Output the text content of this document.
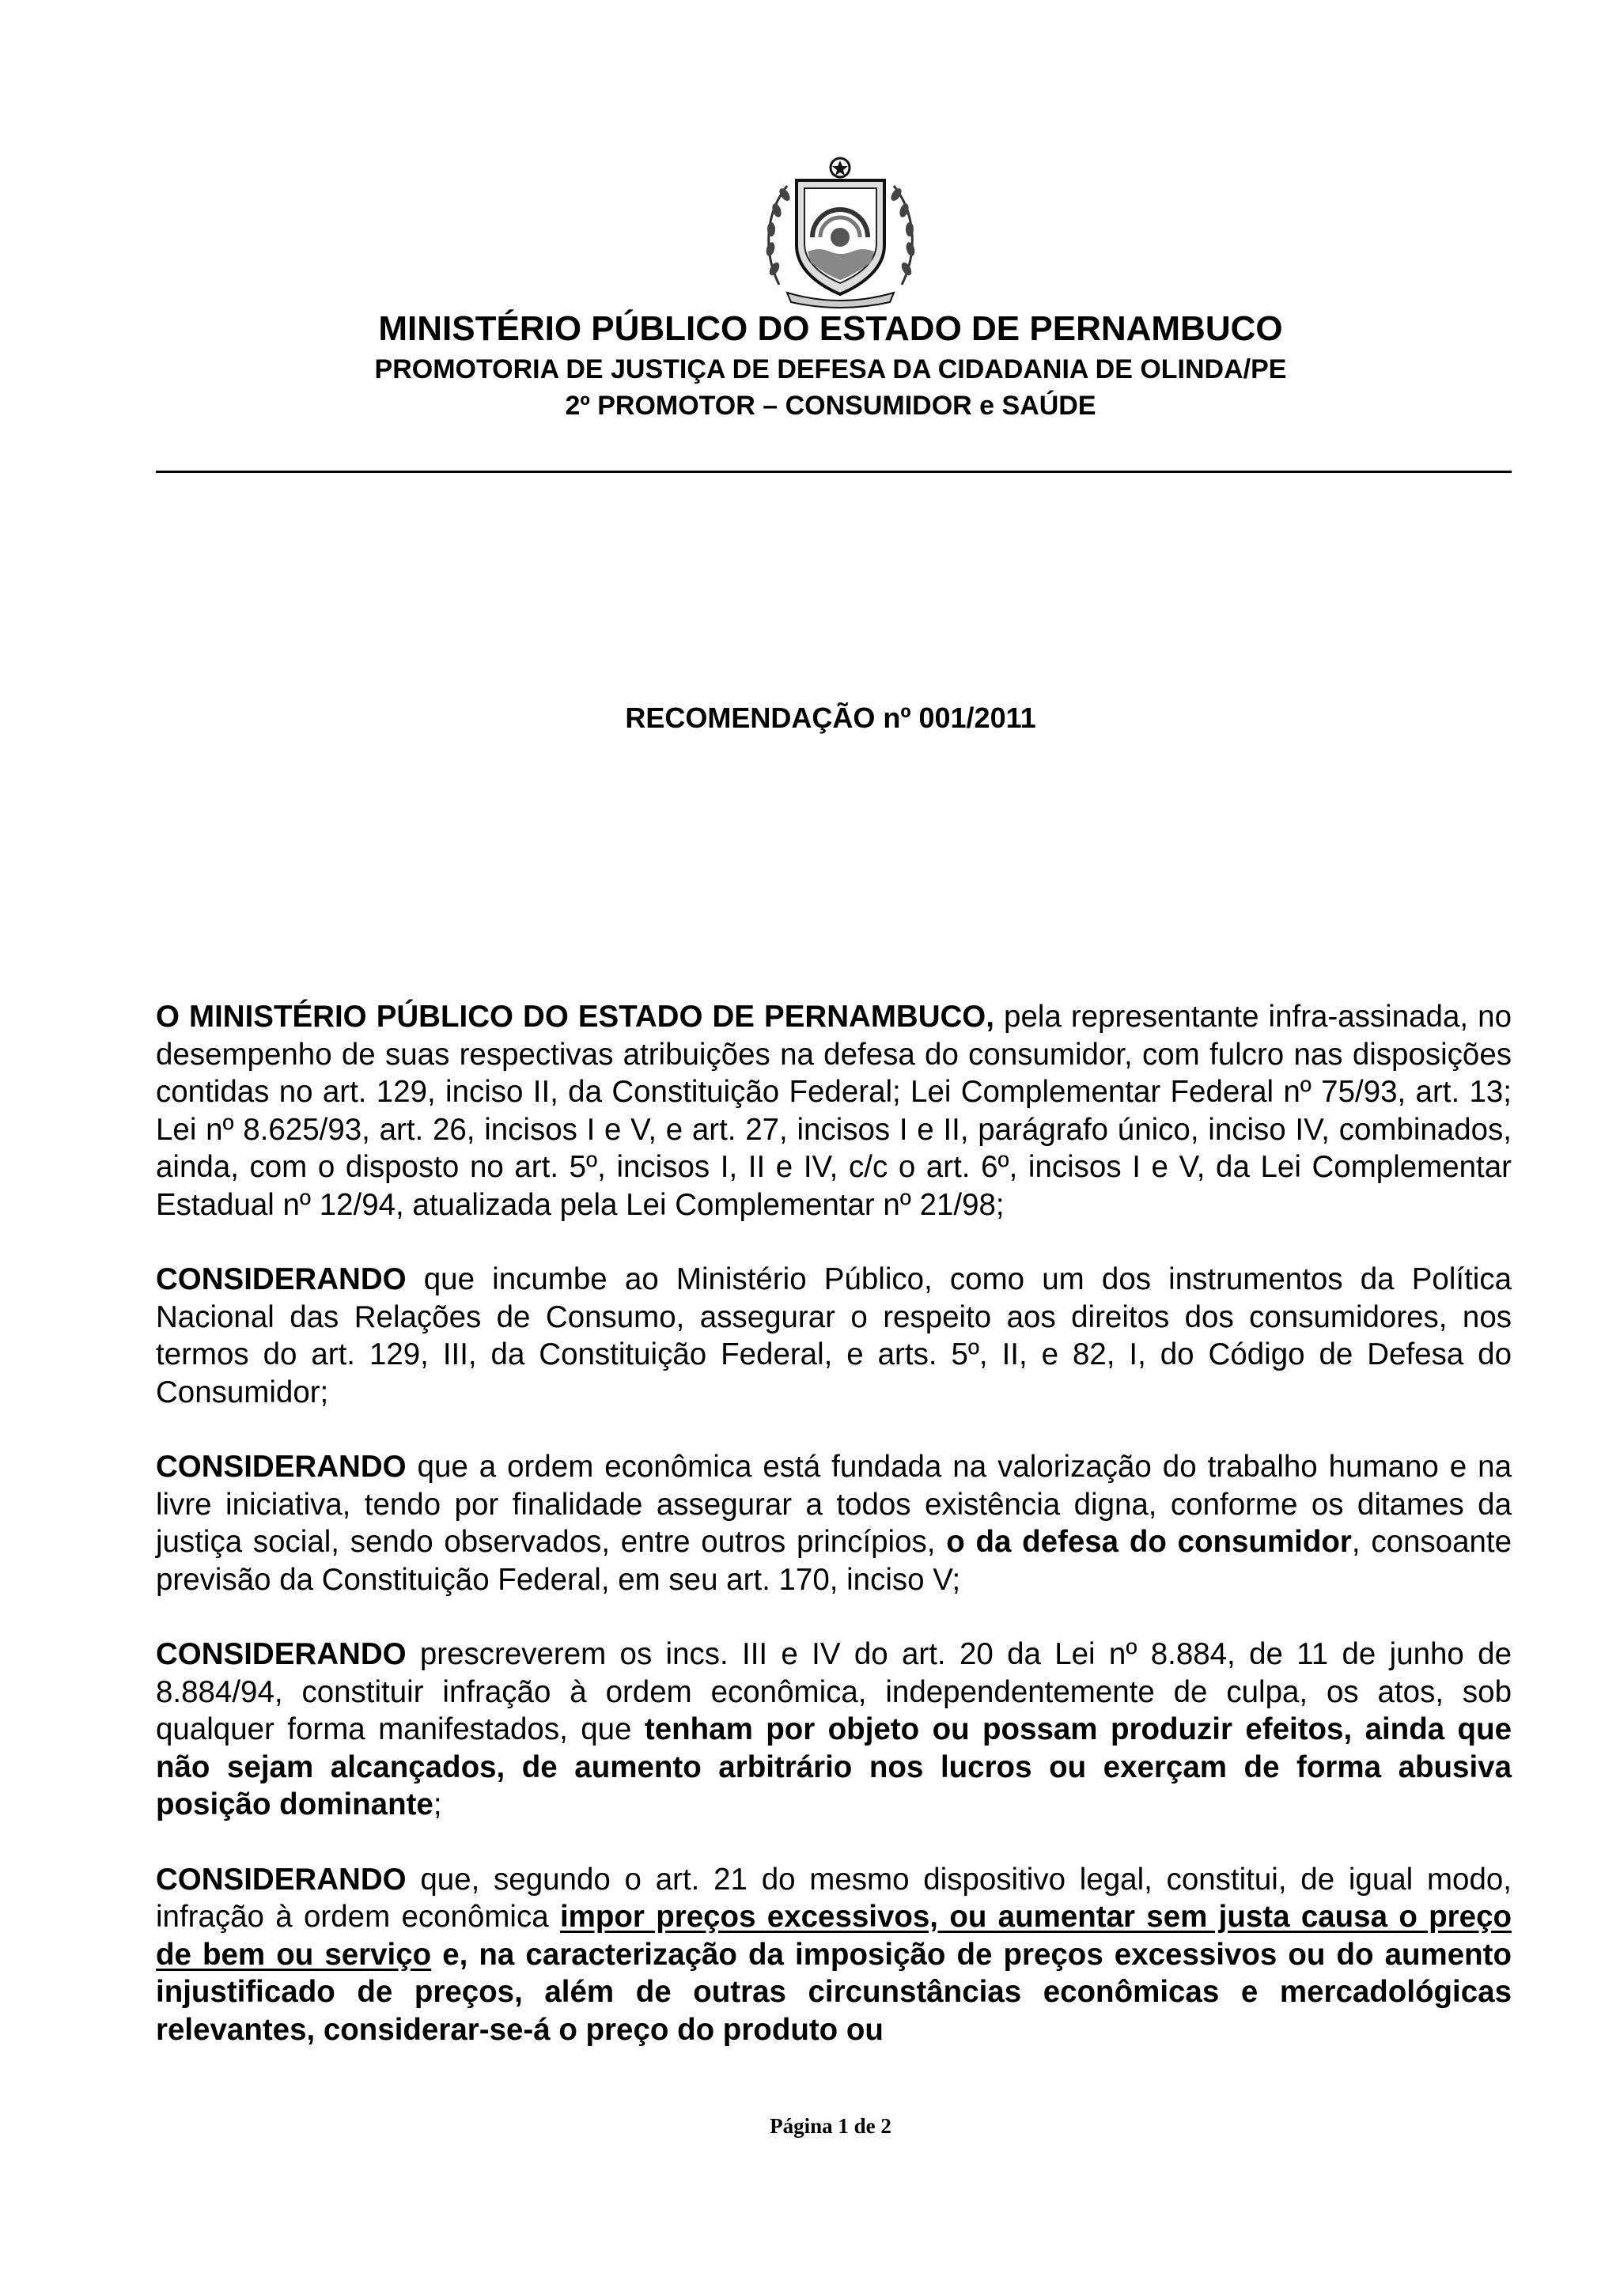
MINISTÉRIO PÚBLICO DO ESTADO DE PERNAMBUCO
PROMOTORIA DE JUSTIÇA DE DEFESA DA CIDADANIA DE OLINDA/PE
2º PROMOTOR – CONSUMIDOR e SAÚDE
RECOMENDAÇÃO nº 001/2011

O MINISTÉRIO PÚBLICO DO ESTADO DE PERNAMBUCO, pela representante infra-assinada, no desempenho de suas respectivas atribuições na defesa do consumidor, com fulcro nas disposições contidas no art. 129, inciso II, da Constituição Federal; Lei Complementar Federal nº 75/93, art. 13; Lei nº 8.625/93, art. 26, incisos I e V, e art. 27, incisos I e II, parágrafo único, inciso IV, combinados, ainda, com o disposto no art. 5º, incisos I, II e IV, c/c o art. 6º, incisos I e V, da Lei Complementar Estadual nº 12/94, atualizada pela Lei Complementar nº 21/98;

CONSIDERANDO que incumbe ao Ministério Público, como um dos instrumentos da Política Nacional das Relações de Consumo, assegurar o respeito aos direitos dos consumidores, nos termos do art. 129, III, da Constituição Federal, e arts. 5º, II, e 82, I, do Código de Defesa do Consumidor;

CONSIDERANDO que a ordem econômica está fundada na valorização do trabalho humano e na livre iniciativa, tendo por finalidade assegurar a todos existência digna, conforme os ditames da justiça social, sendo observados, entre outros princípios, o da defesa do consumidor, consoante previsão da Constituição Federal, em seu art. 170, inciso V;

CONSIDERANDO prescreverem os incs. III e IV do art. 20 da Lei nº 8.884, de 11 de junho de 8.884/94, constituir infração à ordem econômica, independentemente de culpa, os atos, sob qualquer forma manifestados, que tenham por objeto ou possam produzir efeitos, ainda que não sejam alcançados, de aumento arbitrário nos lucros ou exerçam de forma abusiva posição dominante;

CONSIDERANDO que, segundo o art. 21 do mesmo dispositivo legal, constitui, de igual modo, infração à ordem econômica impor preços excessivos, ou aumentar sem justa causa o preço de bem ou serviço e, na caracterização da imposição de preços excessivos ou do aumento injustificado de preços, além de outras circunstâncias econômicas e mercadológicas relevantes, considerar-se-á o preço do produto ou

Página 1 de 2
